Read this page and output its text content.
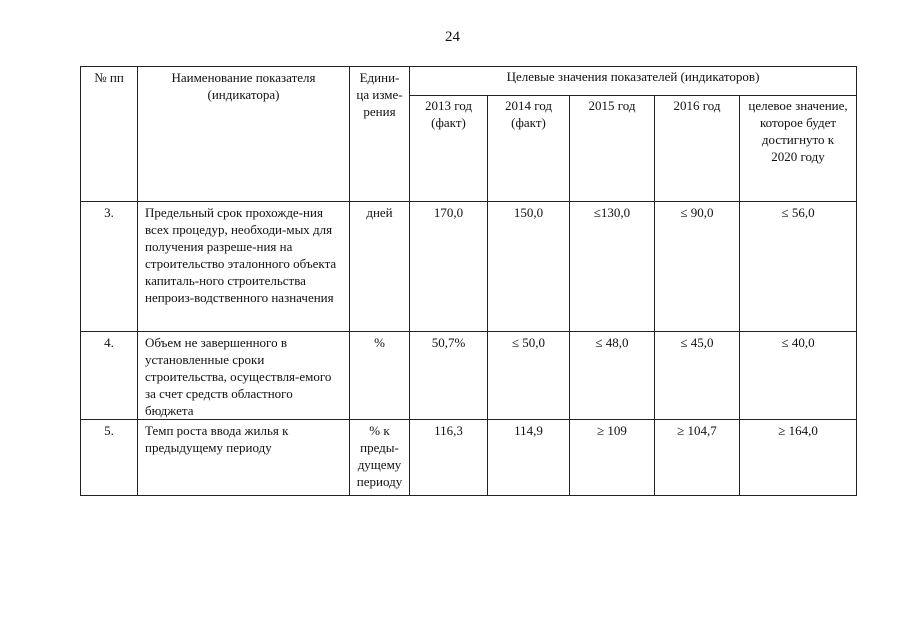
24
№ пп	Наименование показателя (индикатора)	Едини-ца изме-рения	Целевые значения показателей (индикаторов)				
			2013 год (факт)	2014 год (факт)	2015 год	2016 год	целевое значение, которое будет достигнуто к 2020 году
3.	Предельный срок прохожде-ния всех процедур, необходи-мых для получения разреше-ния на строительство эталонного объекта капиталь-ного строительства непроиз-водственного назначения	дней	170,0	150,0	≤130,0	≤ 90,0	≤ 56,0
4.	Объем не завершенного в установленные сроки строительства, осуществля-емого за счет средств областного бюджета	%	50,7%	≤ 50,0	≤ 48,0	≤ 45,0	≤ 40,0
5.	Темп роста ввода жилья к предыдущему периоду	% к преды-дущему периоду	116,3	114,9	≥ 109	≥ 104,7	≥ 164,0
